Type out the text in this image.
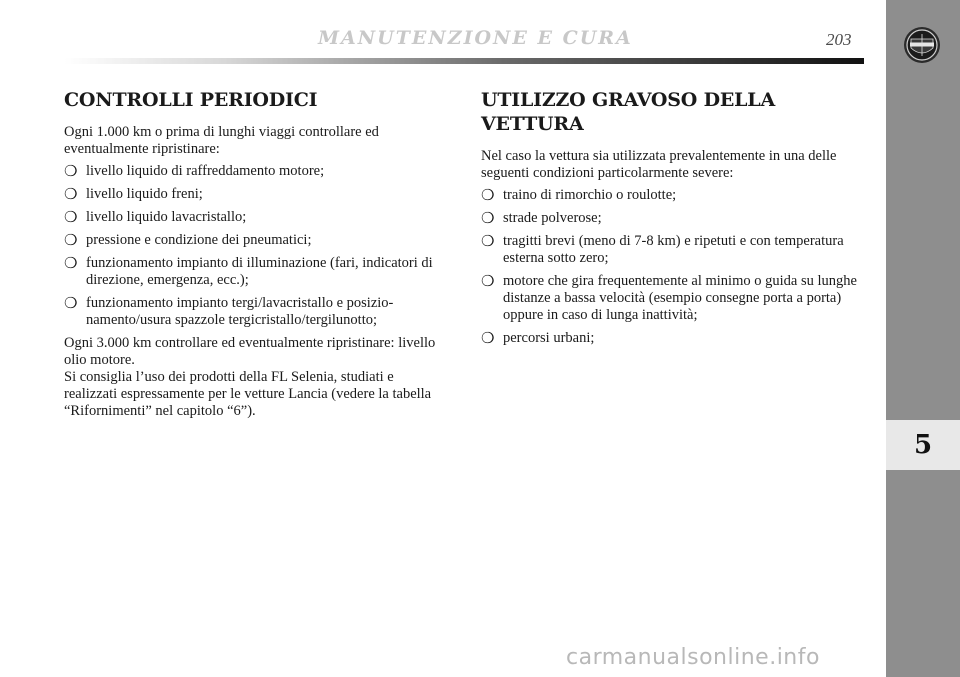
MANUTENZIONE E CURA	203
5
CONTROLLI PERIODICI

Ogni 1.000 km o prima di lunghi viaggi controllare ed eventualmente ripristinare:

❍ livello liquido di raffreddamento motore;
❍ livello liquido freni;
❍ livello liquido lavacristallo;
❍ pressione e condizione dei pneumatici;
❍ funzionamento impianto di illuminazione (fari, indicatori di direzione, emergenza, ecc.);
❍ funzionamento impianto tergi/lavacristallo e posizionamento/usura spazzole tergicristallo/tergilunotto;

Ogni 3.000 km controllare ed eventualmente ripristinare: livello olio motore.

Si consiglia l’uso dei prodotti della FL Selenia, studiati e realizzati espressamente per le vetture Lancia (vedere la tabella “Rifornimenti” nel capitolo “6”).

UTILIZZO GRAVOSO DELLA VETTURA

Nel caso la vettura sia utilizzata prevalentemente in una delle seguenti condizioni particolarmente severe:

❍ traino di rimorchio o roulotte;
❍ strade polverose;
❍ tragitti brevi (meno di 7-8 km) e ripetuti e con temperatura esterna sotto zero;
❍ motore che gira frequentemente al minimo o guida su lunghe distanze a bassa velocità (esempio consegne porta a porta) oppure in caso di lunga inattività;
❍ percorsi urbani;
carmanualsonline.info
